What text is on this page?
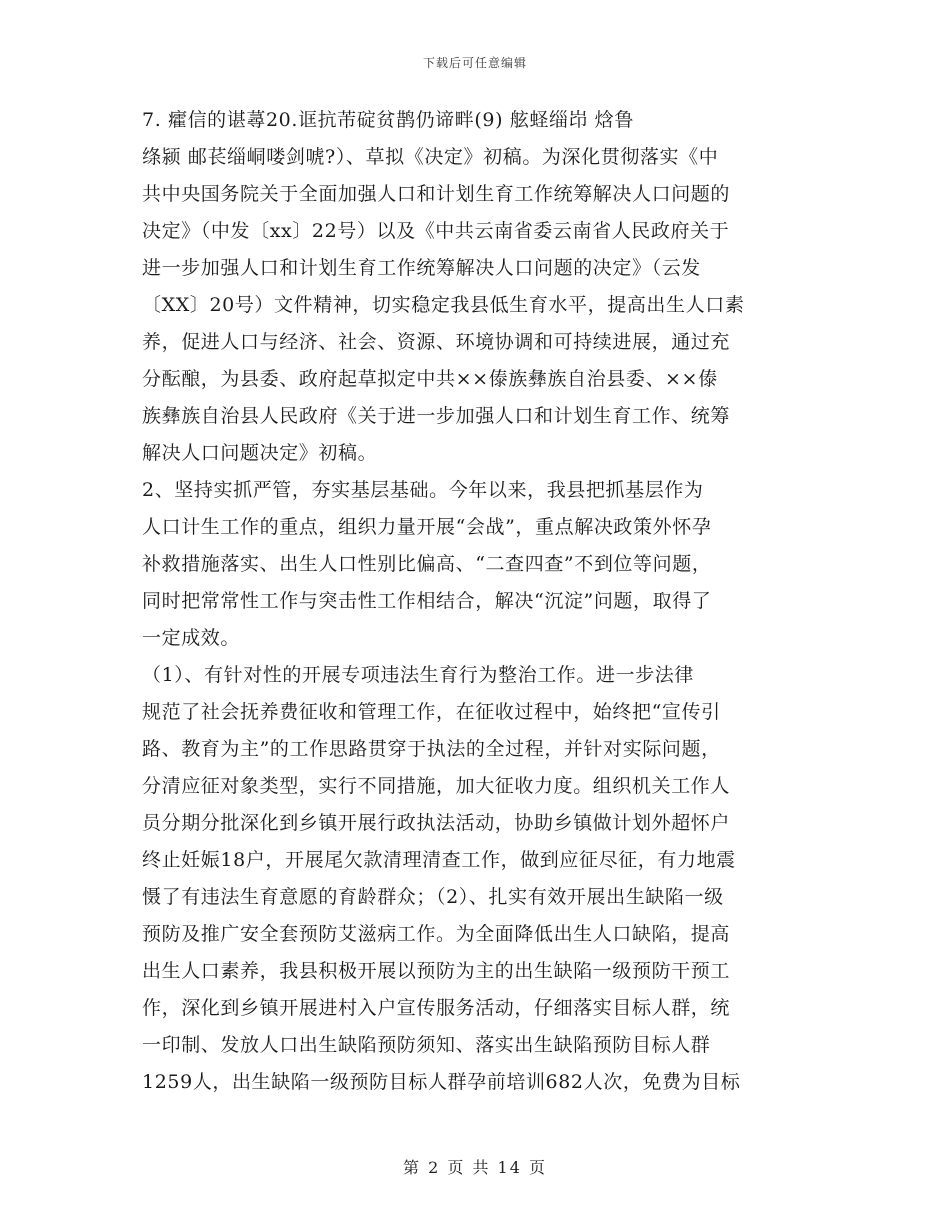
下载后可任意编辑
7. 癨信的谌蕁20.诓抗芾碇贫鹊仍谛畔(9) 舷蛏缁岇 焓鲁
绦颍 邮苌缁峒喽剑唬?）、草拟《决定》初稿。为深化贯彻落实《中
共中央国务院关于全面加强人口和计划生育工作统筹解决人口问题的
决定》（中发〔xx〕22号）以及《中共云南省委云南省人民政府关于
进一步加强人口和计划生育工作统筹解决人口问题的决定》（云发
〔XX〕20号）文件精神，切实稳定我县低生育水平，提高出生人口素
养，促进人口与经济、社会、资源、环境协调和可持续进展，通过充
分酝酿，为县委、政府起草拟定中共××傣族彝族自治县委、××傣
族彝族自治县人民政府《关于进一步加强人口和计划生育工作、统筹
解决人口问题决定》初稿。
2、坚持实抓严管，夯实基层基础。今年以来，我县把抓基层作为
人口计生工作的重点，组织力量开展“会战”，重点解决政策外怀孕
补救措施落实、出生人口性别比偏高、“二查四查”不到位等问题，
同时把常常性工作与突击性工作相结合，解决“沉淀”问题，取得了
一定成效。
（1）、有针对性的开展专项违法生育行为整治工作。进一步法律
规范了社会抚养费征收和管理工作，在征收过程中，始终把“宣传引
路、教育为主”的工作思路贯穿于执法的全过程，并针对实际问题，
分清应征对象类型，实行不同措施，加大征收力度。组织机关工作人
员分期分批深化到乡镇开展行政执法活动，协助乡镇做计划外超怀户
终止妊娠18户，开展尾欠款清理清查工作，做到应征尽征，有力地震
慑了有违法生育意愿的育龄群众；（2）、扎实有效开展出生缺陷一级
预防及推广安全套预防艾滋病工作。为全面降低出生人口缺陷，提高
出生人口素养，我县积极开展以预防为主的出生缺陷一级预防干预工
作，深化到乡镇开展进村入户宣传服务活动，仔细落实目标人群，统
一印制、发放人口出生缺陷预防须知、落实出生缺陷预防目标人群
1259人，出生缺陷一级预防目标人群孕前培训682人次，免费为目标
第 2 页 共 14 页
